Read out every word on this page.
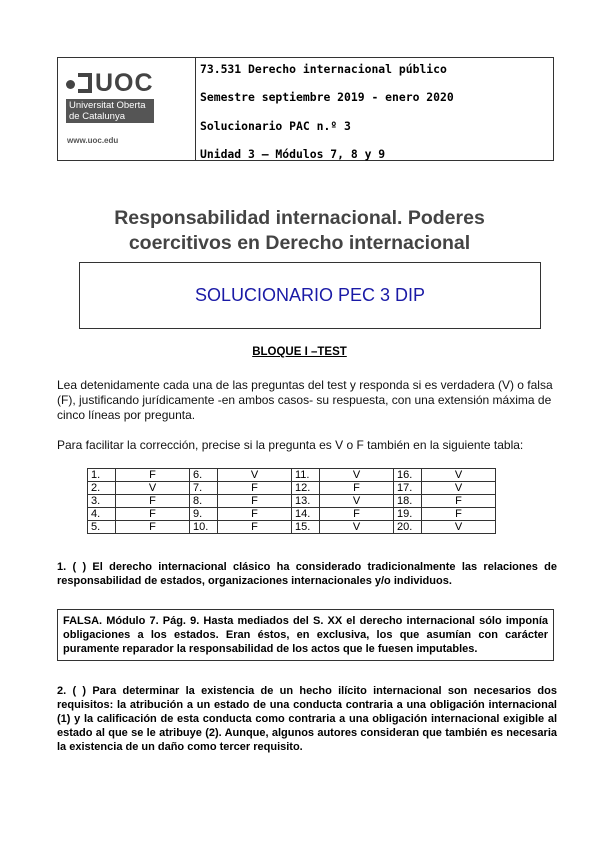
UOC
Universitat Oberta
de Catalunya
www.uoc.edu
73.531 Derecho internacional público
Semestre septiembre 2019 - enero 2020
Solucionario PAC n.º 3
Unidad 3 – Módulos 7, 8 y 9
Responsabilidad internacional. Poderes
coercitivos en Derecho internacional
SOLUCIONARIO PEC 3 DIP
BLOQUE I –TEST
Lea detenidamente cada una de las preguntas del test y responda si es verdadera (V) o falsa (F), justificando jurídicamente -en ambos casos- su respuesta, con una extensión máxima de cinco líneas por pregunta.
Para facilitar la corrección, precise si la pregunta es V o F también en la siguiente tabla:
1.	F	6.	V	11.	V	16.	V
2.	V	7.	F	12.	F	17.	V
3.	F	8.	F	13.	V	18.	F
4.	F	9.	F	14.	F	19.	F
5.	F	10.	F	15.	V	20.	V
1. ( ) El derecho internacional clásico ha considerado tradicionalmente las relaciones de responsabilidad de estados, organizaciones internacionales y/o individuos.
FALSA. Módulo 7. Pág. 9. Hasta mediados del S. XX el derecho internacional sólo imponía obligaciones a los estados. Eran éstos, en exclusiva, los que asumían con carácter puramente reparador la responsabilidad de los actos que le fuesen imputables.
2. ( ) Para determinar la existencia de un hecho ilícito internacional son necesarios dos requisitos: la atribución a un estado de una conducta contraria a una obligación internacional (1) y la calificación de esta conducta como contraria a una obligación internacional exigible al estado al que se le atribuye (2). Aunque, algunos autores consideran que también es necesaria la existencia de un daño como tercer requisito.
